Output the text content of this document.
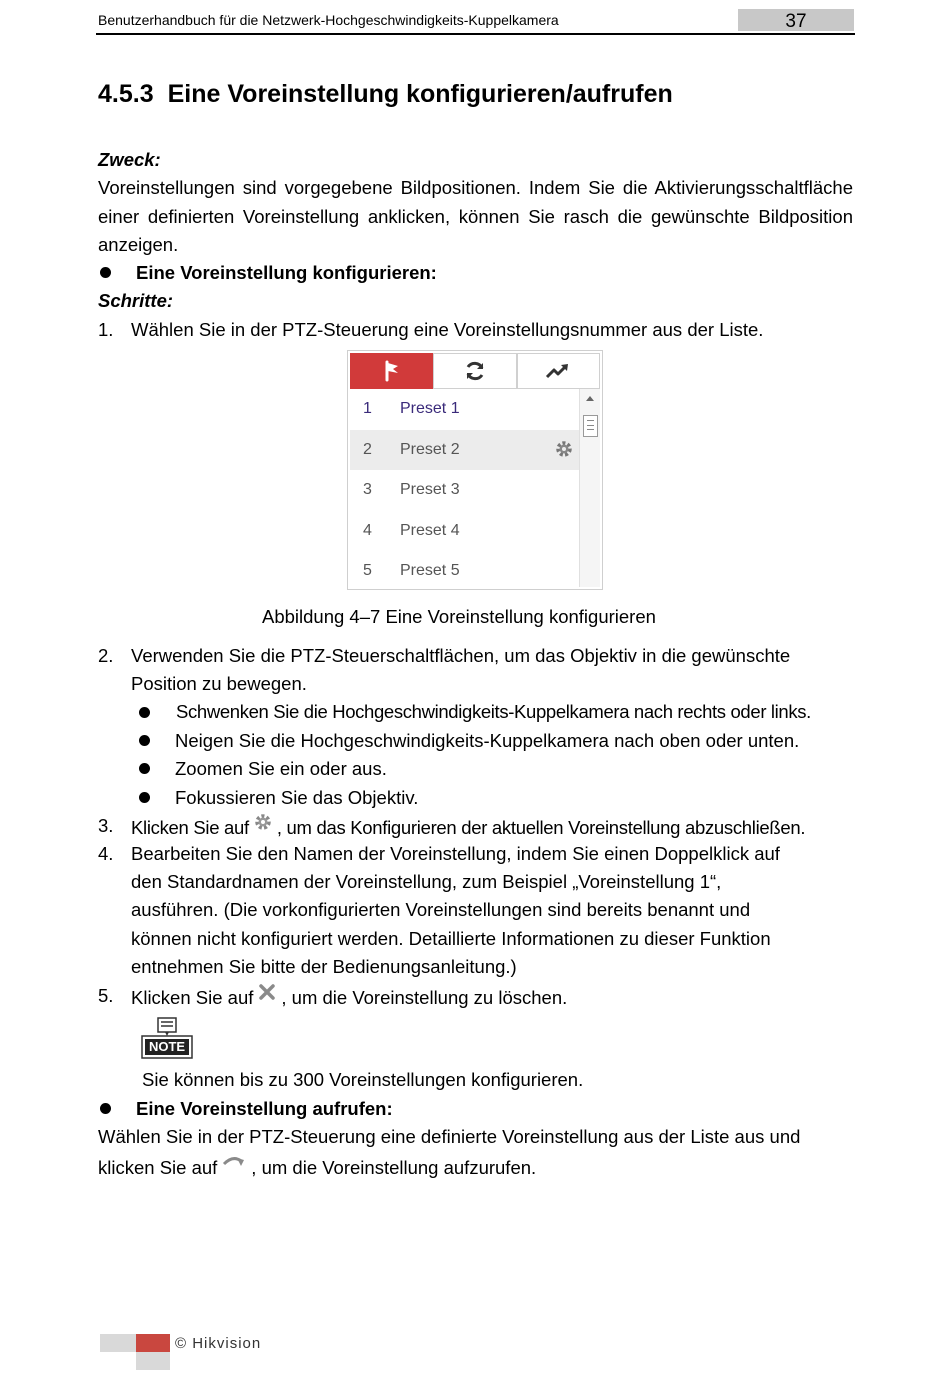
Benutzerhandbuch für die Netzwerk-Hochgeschwindigkeits-Kuppelkamera	37
4.5.3 Eine Voreinstellung konfigurieren/aufrufen
Zweck:
Voreinstellungen sind vorgegebene Bildpositionen. Indem Sie die Aktivierungsschaltfläche
einer definierten Voreinstellung anklicken, können Sie rasch die gewünschte Bildposition
anzeigen.
Eine Voreinstellung konfigurieren:
Schritte:
1. Wählen Sie in der PTZ-Steuerung eine Voreinstellungsnummer aus der Liste.
1 Preset 1
2 Preset 2
3 Preset 3
4 Preset 4
5 Preset 5
Abbildung 4–7 Eine Voreinstellung konfigurieren
2. Verwenden Sie die PTZ-Steuerschaltflächen, um das Objektiv in die gewünschte
Position zu bewegen.
Schwenken Sie die Hochgeschwindigkeits-Kuppelkamera nach rechts oder links.
Neigen Sie die Hochgeschwindigkeits-Kuppelkamera nach oben oder unten.
Zoomen Sie ein oder aus.
Fokussieren Sie das Objektiv.
3. Klicken Sie auf , um das Konfigurieren der aktuellen Voreinstellung abzuschließen.
4. Bearbeiten Sie den Namen der Voreinstellung, indem Sie einen Doppelklick auf
den Standardnamen der Voreinstellung, zum Beispiel „Voreinstellung 1“,
ausführen. (Die vorkonfigurierten Voreinstellungen sind bereits benannt und
können nicht konfiguriert werden. Detaillierte Informationen zu dieser Funktion
entnehmen Sie bitte der Bedienungsanleitung.)
5. Klicken Sie auf , um die Voreinstellung zu löschen.
NOTE
Sie können bis zu 300 Voreinstellungen konfigurieren.
Eine Voreinstellung aufrufen:
Wählen Sie in der PTZ-Steuerung eine definierte Voreinstellung aus der Liste aus und
klicken Sie auf , um die Voreinstellung aufzurufen.
© Hikvision
